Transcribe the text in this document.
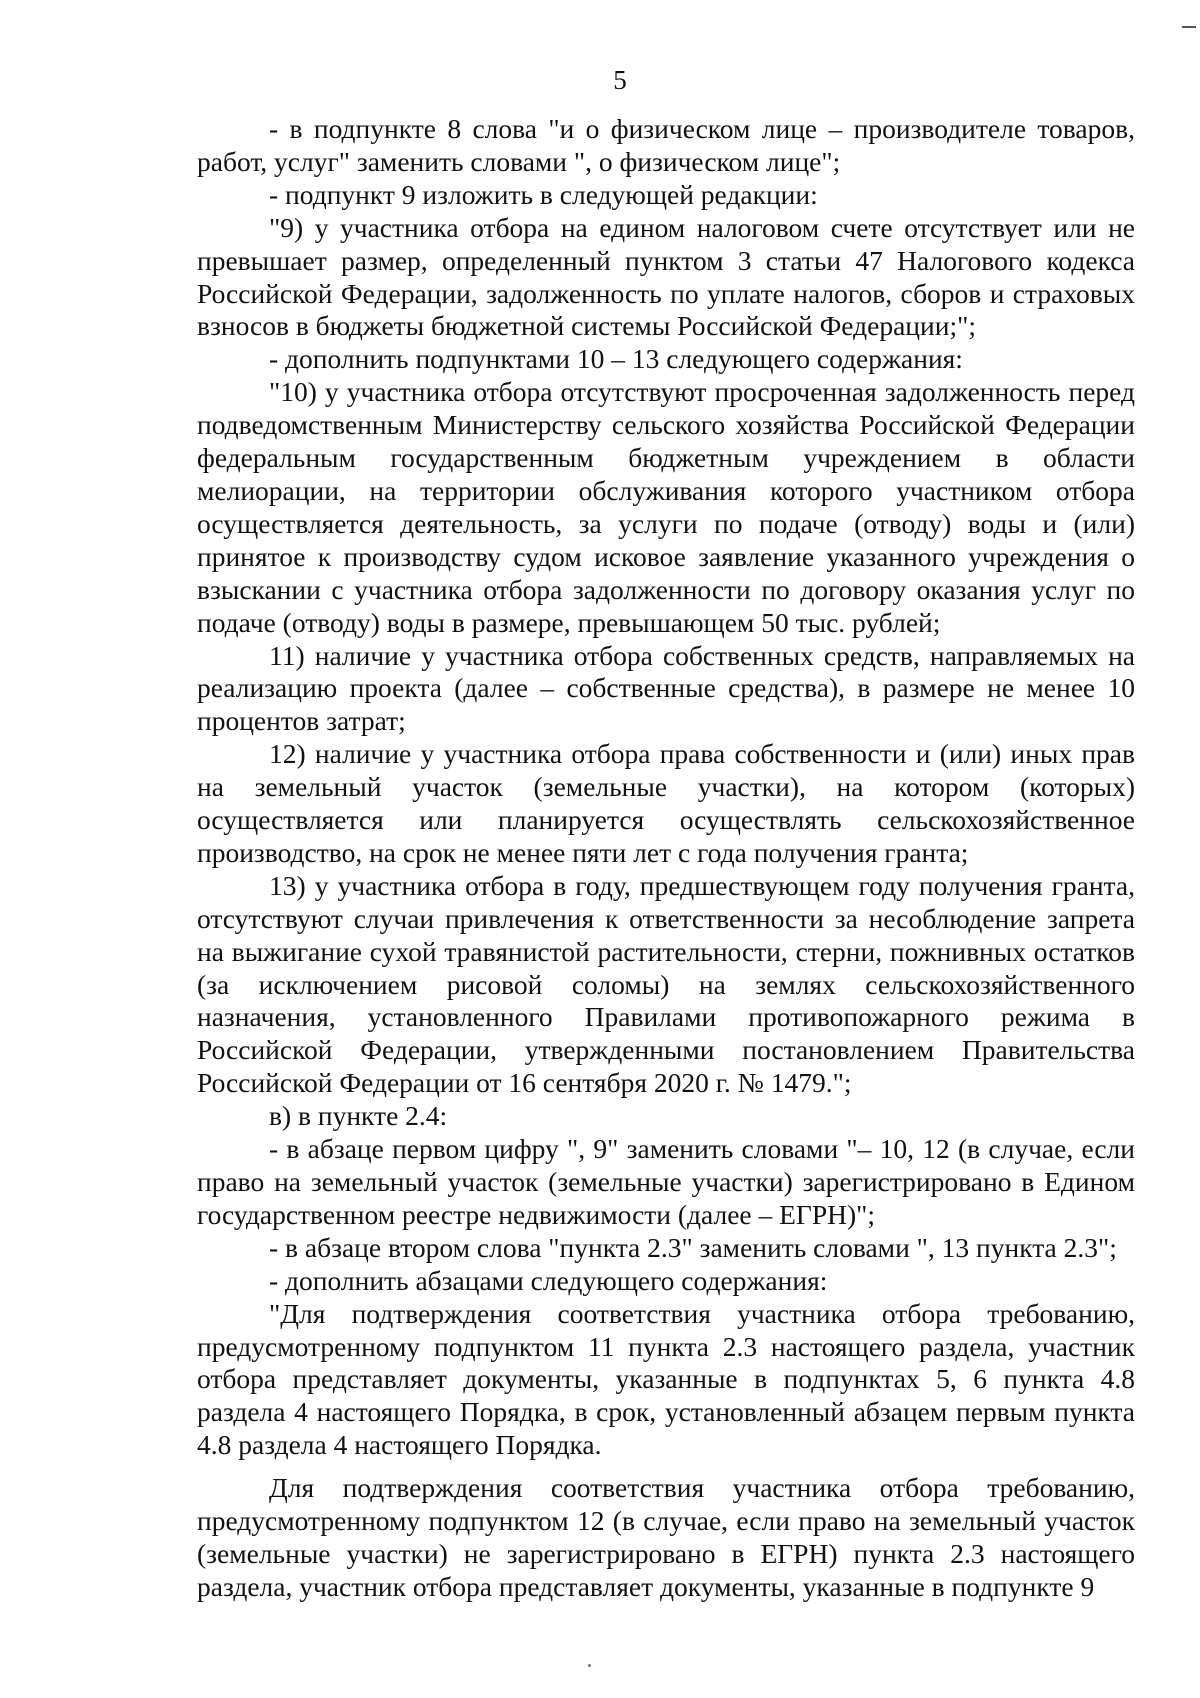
5

- в подпункте 8 слова "и о физическом лице – производителе товаров, работ, услуг" заменить словами ", о физическом лице";

- подпункт 9 изложить в следующей редакции:

"9) у участника отбора на едином налоговом счете отсутствует или не превышает размер, определенный пунктом 3 статьи 47 Налогового кодекса Российской Федерации, задолженность по уплате налогов, сборов и страховых взносов в бюджеты бюджетной системы Российской Федерации;";

- дополнить подпунктами 10 – 13 следующего содержания:

"10) у участника отбора отсутствуют просроченная задолженность перед подведомственным Министерству сельского хозяйства Российской Федерации федеральным государственным бюджетным учреждением в области мелиорации, на территории обслуживания которого участником отбора осуществляется деятельность, за услуги по подаче (отводу) воды и (или) принятое к производству судом исковое заявление указанного учреждения о взыскании с участника отбора задолженности по договору оказания услуг по подаче (отводу) воды в размере, превышающем 50 тыс. рублей;

11) наличие у участника отбора собственных средств, направляемых на реализацию проекта (далее – собственные средства), в размере не менее 10 процентов затрат;

12) наличие у участника отбора права собственности и (или) иных прав на земельный участок (земельные участки), на котором (которых) осуществляется или планируется осуществлять сельскохозяйственное производство, на срок не менее пяти лет с года получения гранта;

13) у участника отбора в году, предшествующем году получения гранта, отсутствуют случаи привлечения к ответственности за несоблюдение запрета на выжигание сухой травянистой растительности, стерни, пожнивных остатков (за исключением рисовой соломы) на землях сельскохозяйственного назначения, установленного Правилами противопожарного режима в Российской Федерации, утвержденными постановлением Правительства Российской Федерации от 16 сентября 2020 г. № 1479.";

в) в пункте 2.4:

- в абзаце первом цифру ", 9" заменить словами "– 10, 12 (в случае, если право на земельный участок (земельные участки) зарегистрировано в Едином государственном реестре недвижимости (далее – ЕГРН)";

- в абзаце втором слова "пункта 2.3" заменить словами ", 13 пункта 2.3";

- дополнить абзацами следующего содержания:

"Для подтверждения соответствия участника отбора требованию, предусмотренному подпунктом 11 пункта 2.3 настоящего раздела, участник отбора представляет документы, указанные в подпунктах 5, 6 пункта 4.8 раздела 4 настоящего Порядка, в срок, установленный абзацем первым пункта 4.8 раздела 4 настоящего Порядка.

Для подтверждения соответствия участника отбора требованию, предусмотренному подпунктом 12 (в случае, если право на земельный участок (земельные участки) не зарегистрировано в ЕГРН) пункта 2.3 настоящего раздела, участник отбора представляет документы, указанные в подпункте 9
